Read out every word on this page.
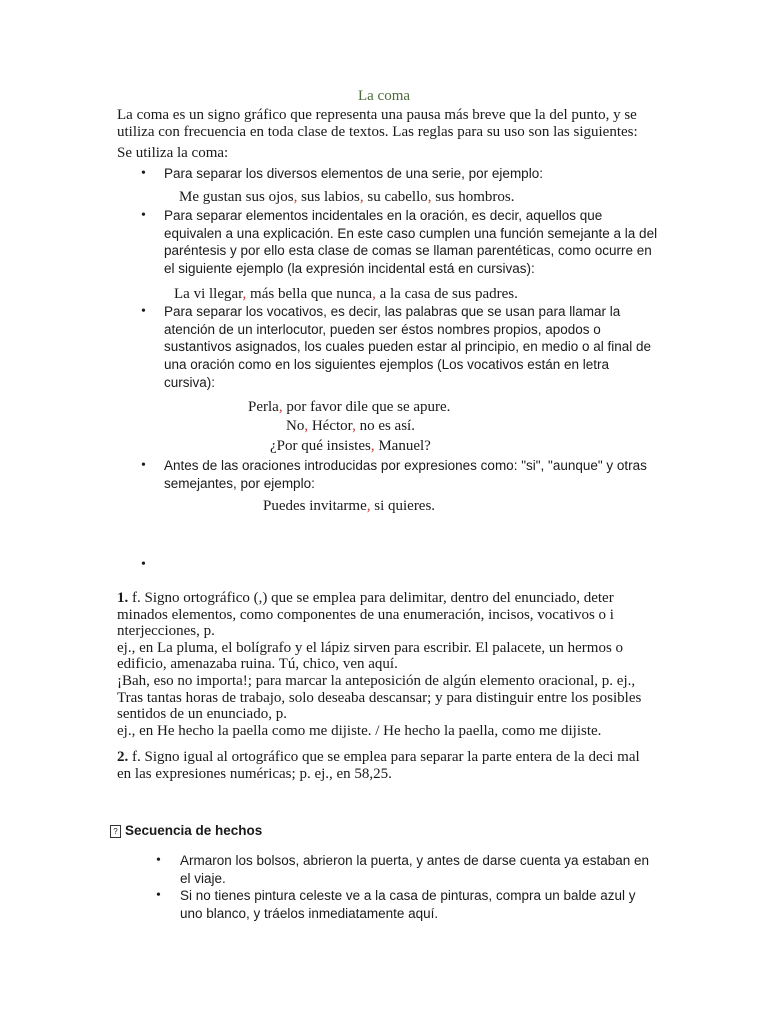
La coma
La coma es un signo gráfico que representa una pausa más breve que la del punto, y se utiliza con frecuencia en toda clase de textos. Las reglas para su uso son las siguientes:
Se utiliza la coma:
• Para separar los diversos elementos de una serie, por ejemplo:
Me gustan sus ojos, sus labios, su cabello, sus hombros.
• Para separar elementos incidentales en la oración, es decir, aquellos que equivalen a una explicación. En este caso cumplen una función semejante a la del paréntesis y por ello esta clase de comas se llaman parentéticas, como ocurre en el siguiente ejemplo (la expresión incidental está en cursivas):
La vi llegar, más bella que nunca, a la casa de sus padres.
• Para separar los vocativos, es decir, las palabras que se usan para llamar la atención de un interlocutor, pueden ser éstos nombres propios, apodos o sustantivos asignados, los cuales pueden estar al principio, en medio o al final de una oración como en los siguientes ejemplos (Los vocativos están en letra cursiva):
Perla, por favor dile que se apure.
No, Héctor, no es así.
¿Por qué insistes, Manuel?
• Antes de las oraciones introducidas por expresiones como: "si", "aunque" y otras semejantes, por ejemplo:
Puedes invitarme, si quieres.
•

1. f. Signo ortográfico (,) que se emplea para delimitar, dentro del enunciado, deter minados elementos, como componentes de una enumeración, incisos, vocativos o i nterjecciones, p.

ej., en La pluma, el bolígrafo y el lápiz sirven para escribir. El palacete, un hermos o edificio, amenazaba ruina. Tú, chico, ven aquí.

¡Bah, eso no importa!; para marcar la anteposición de algún elemento oracional, p. ej., Tras tantas horas de trabajo, solo deseaba descansar; y para distinguir entre los posibles sentidos de un enunciado, p.

ej., en He hecho la paella como me dijiste. / He hecho la paella, como me dijiste.

2. f. Signo igual al ortográfico que se emplea para separar la parte entera de la deci mal en las expresiones numéricas; p. ej., en 58,25.

? Secuencia de hechos
• Armaron los bolsos, abrieron la puerta, y antes de darse cuenta ya estaban en el viaje.
• Si no tienes pintura celeste ve a la casa de pinturas, compra un balde azul y uno blanco, y tráelos inmediatamente aquí.
